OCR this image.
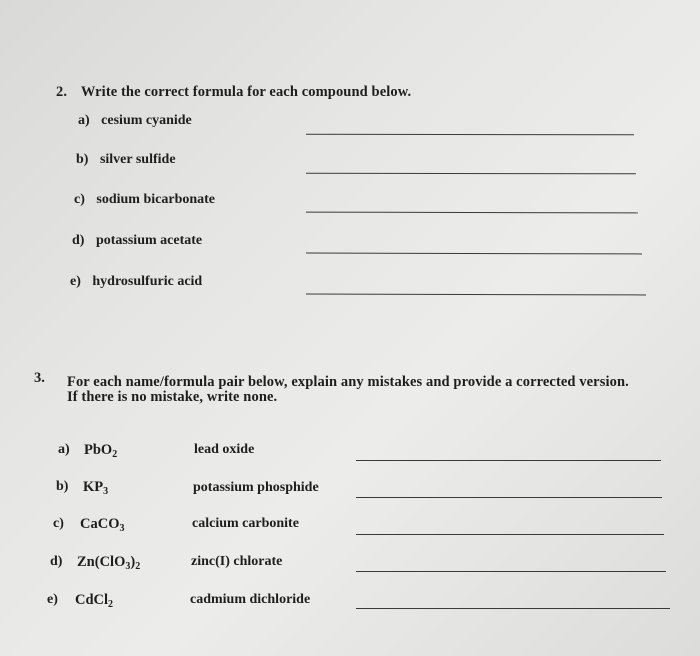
2. Write the correct formula for each compound below.
a) cesium cyanide
b) silver sulfide
c) sodium bicarbonate
d) potassium acetate
e) hydrosulfuric acid
3. For each name/formula pair below, explain any mistakes and provide a corrected version.
If there is no mistake, write none.
a) PbO$_2$	lead oxide
b) $KP_3$	potassium phosphide
c) CaCO$_3$	calcium carbonite
d) $Zn(ClO_3)_2$	zinc(I) chlorate
e) CdCl$_2$	cadmium dichloride
